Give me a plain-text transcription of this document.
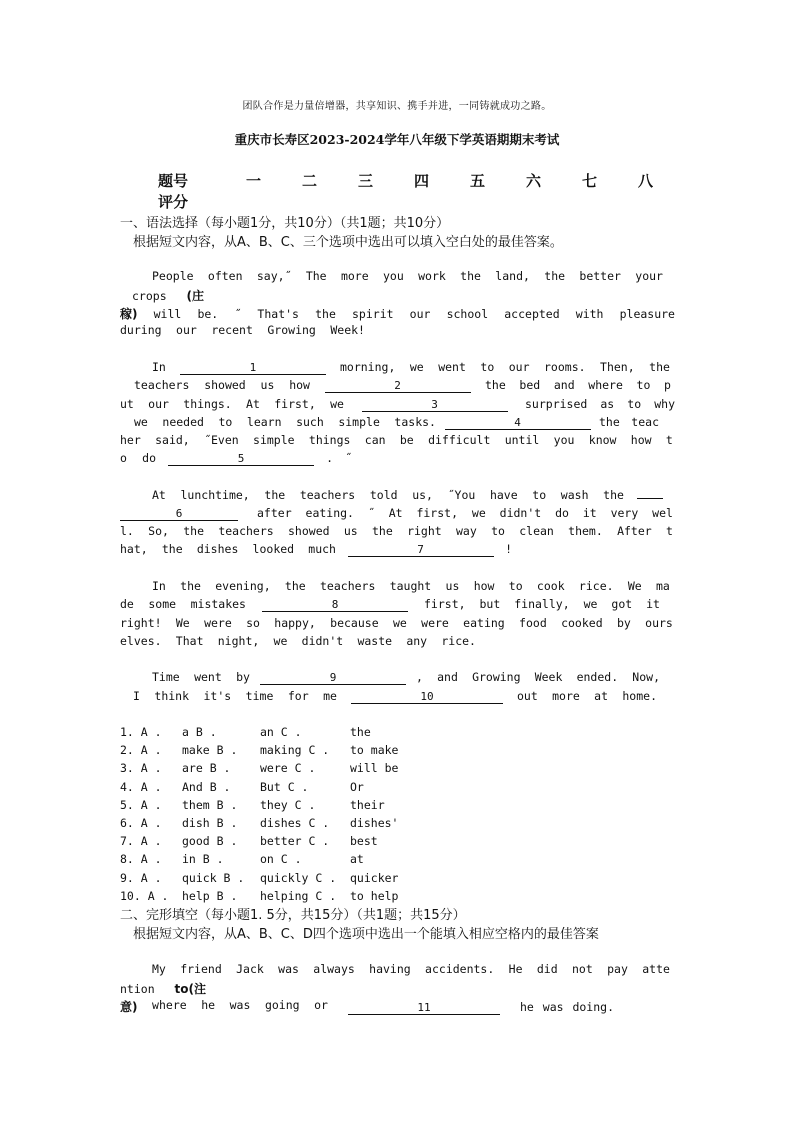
团队合作是力量倍增器，共享知识、携手并进，一同铸就成功之路。
重庆市长寿区2023-2024学年八年级下学英语期期末考试
题号	一	二	三	四	五	六	七	八
评分
一、语法选择（每小题1分，共10分）（共1题；共10分）
根据短文内容，从A、B、C、三个选项中选出可以填入空白处的最佳答案。
People often say,˝ The more you work the land, the better your
crops (庄
稼) will be. ˝ That's the spirit our school accepted with pleasure
during our recent Growing Week!
In	1	morning, we went to our rooms. Then, the
teachers showed us how	2	the bed and where to p
ut our things. At first, we	3	surprised as to why
we needed to learn such simple tasks.	4	the teac
her said, ˝Even simple things can be difficult until you know how t
o do	5	. ˝
At lunchtime, the teachers told us, ˝You have to wash the
6	after eating. ˝ At first, we didn't do it very wel
l. So, the teachers showed us the right way to clean them. After t
hat, the dishes looked much	7	!
In the evening, the teachers taught us how to cook rice. We ma
de some mistakes	8	first, but finally, we got it
right! We were so happy, because we were eating food cooked by ours
elves. That night, we didn't waste any rice.
Time went by	9	, and Growing Week ended. Now,
I think it's time for me	10	out more at home.
1. A . a B .	an C .	the
2. A . make B . making C . to make
3. A . are B .	were C .	will be
4. A . And B .	But C .	Or
5. A . them B . they C .	their
6. A . dish B . dishes C . dishes'
7. A . good B . better C . best
8. A . in B .	on C .	at
9. A . quick B . quickly C . quicker
10. A . help B . helping C . to help
二、完形填空（每小题1. 5分，共15分）（共1题；共15分）
根据短文内容，从A、B、C、D四个选项中选出一个能填入相应空格内的最佳答案
My friend Jack was always having accidents. He did not pay atte
ntion to(注
意) where he was going or	11	he was doing.
